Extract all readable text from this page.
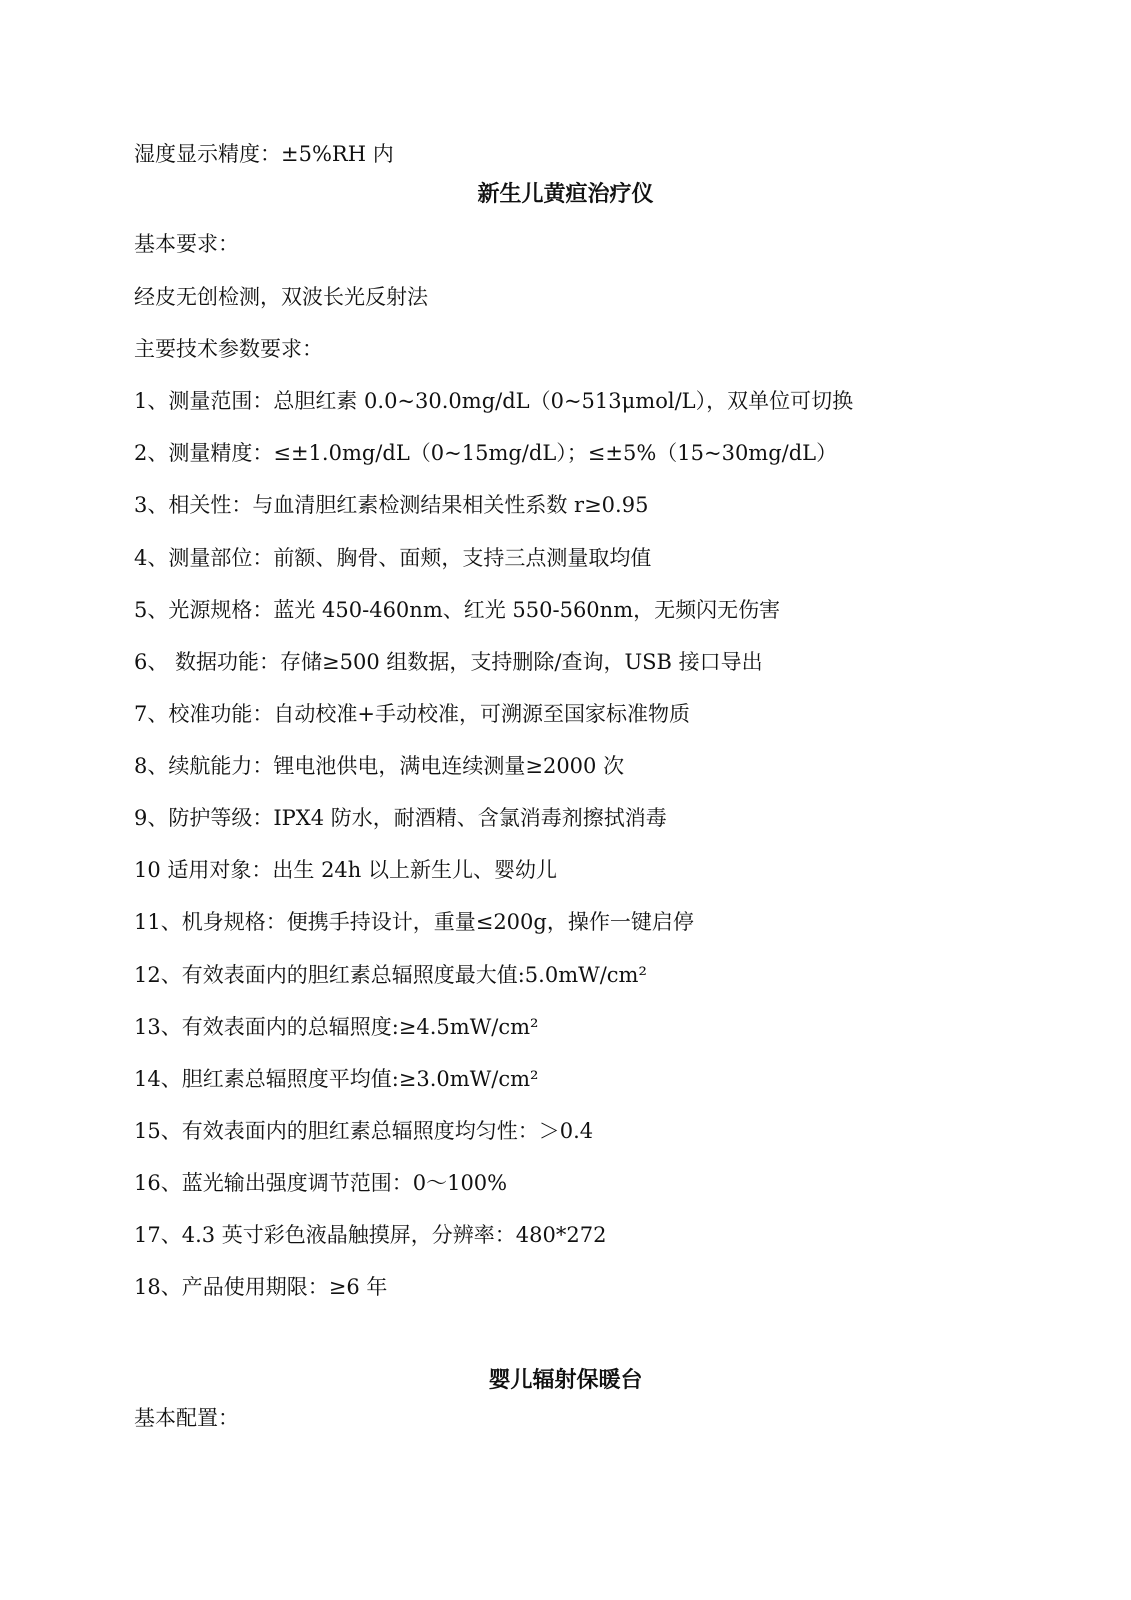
湿度显示精度：±5%RH 内
新生儿黄疸治疗仪
基本要求：
经皮无创检测，双波长光反射法
主要技术参数要求：
1、测量范围：总胆红素 0.0~30.0mg/dL（0~513μmol/L），双单位可切换
2、测量精度：≤±1.0mg/dL（0~15mg/dL）；≤±5%（15~30mg/dL）
3、相关性：与血清胆红素检测结果相关性系数 r≥0.95
4、测量部位：前额、胸骨、面颊，支持三点测量取均值
5、光源规格：蓝光 450-460nm、红光 550-560nm，无频闪无伤害
6、 数据功能：存储≥500 组数据，支持删除/查询，USB 接口导出
7、校准功能：自动校准+手动校准，可溯源至国家标准物质
8、续航能力：锂电池供电，满电连续测量≥2000 次
9、防护等级：IPX4 防水，耐酒精、含氯消毒剂擦拭消毒
10 适用对象：出生 24h 以上新生儿、婴幼儿
11、机身规格：便携手持设计，重量≤200g，操作一键启停
12、有效表面内的胆红素总辐照度最大值:5.0mW/cm²
13、有效表面内的总辐照度:≥4.5mW/cm²
14、胆红素总辐照度平均值:≥3.0mW/cm²
15、有效表面内的胆红素总辐照度均匀性：＞0.4
16、蓝光输出强度调节范围：0～100%
17、4.3 英寸彩色液晶触摸屏，分辨率：480*272
18、产品使用期限：≥6 年
婴儿辐射保暖台
基本配置：
